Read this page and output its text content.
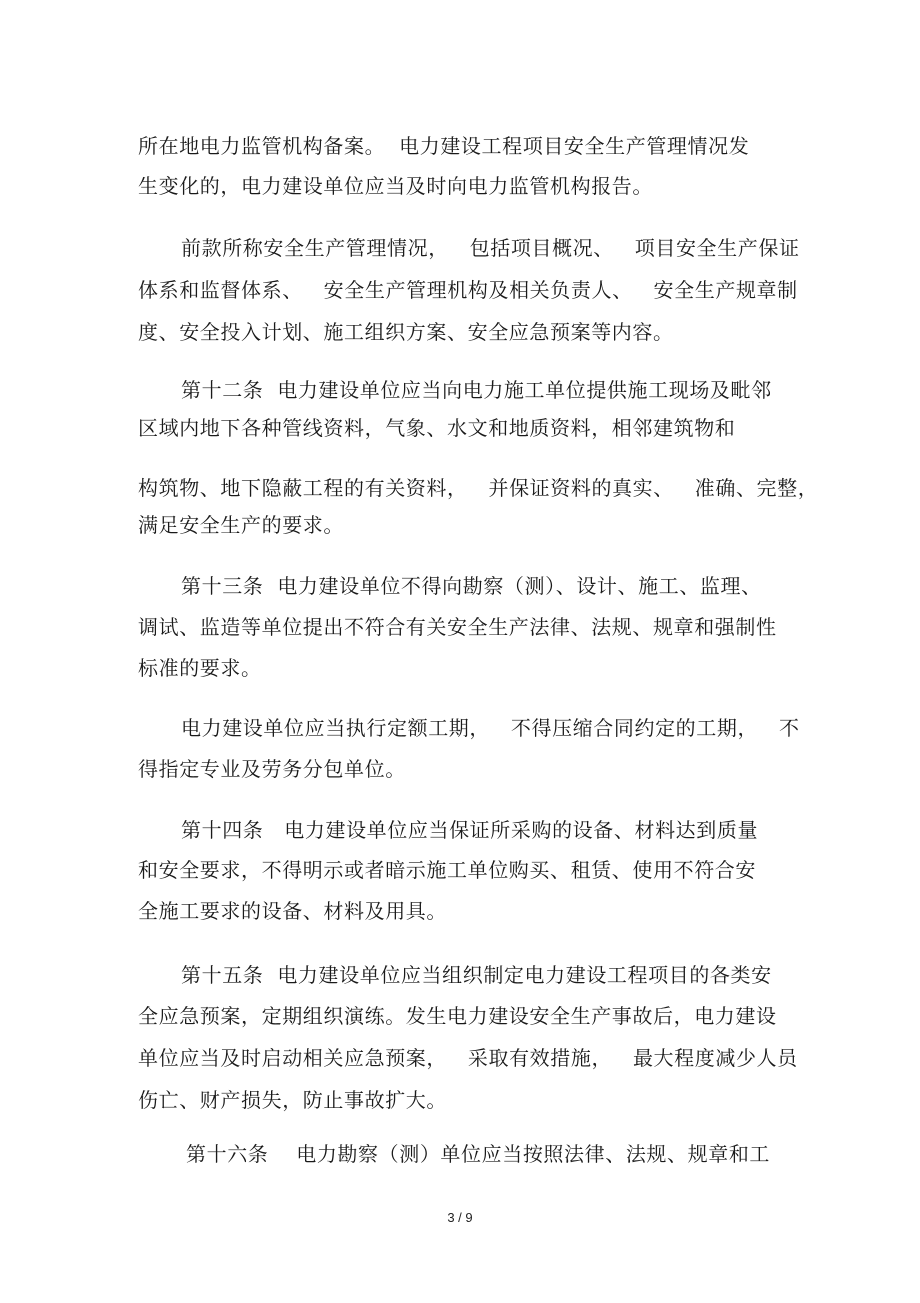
所在地电力监管机构备案。  电力建设工程项目安全生产管理情况发
生变化的，电力建设单位应当及时向电力监管机构报告。
前款所称安全生产管理情况，   包括项目概况、   项目安全生产保证
体系和监督体系、   安全生产管理机构及相关负责人、   安全生产规章制
度、安全投入计划、施工组织方案、安全应急预案等内容。
第十二条  电力建设单位应当向电力施工单位提供施工现场及毗邻
区域内地下各种管线资料，气象、水文和地质资料，相邻建筑物和
构筑物、地下隐蔽工程的有关资料，   并保证资料的真实、   准确、完整，
满足安全生产的要求。
第十三条  电力建设单位不得向勘察（测）、设计、施工、监理、
调试、监造等单位提出不符合有关安全生产法律、法规、规章和强制性
标准的要求。
电力建设单位应当执行定额工期，   不得压缩合同约定的工期，   不
得指定专业及劳务分包单位。
第十四条   电力建设单位应当保证所采购的设备、材料达到质量
和安全要求，不得明示或者暗示施工单位购买、租赁、使用不符合安
全施工要求的设备、材料及用具。
第十五条  电力建设单位应当组织制定电力建设工程项目的各类安
全应急预案，定期组织演练。发生电力建设安全生产事故后，电力建设
单位应当及时启动相关应急预案，   采取有效措施，   最大程度减少人员
伤亡、财产损失，防止事故扩大。
第十六条    电力勘察（测）单位应当按照法律、法规、规章和工
3 / 9
